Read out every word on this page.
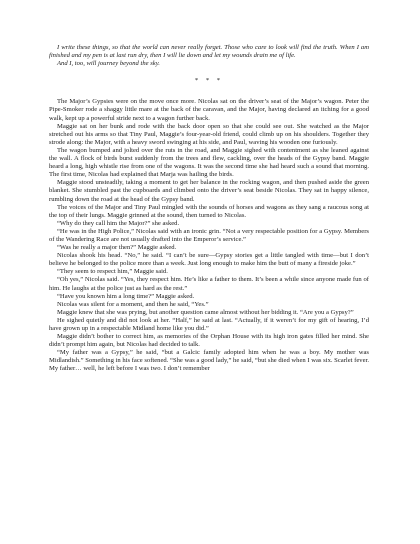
I write these things, so that the world can never really forget. Those who care to look will find the truth. When I am finished and my pen is at last run dry, then I will lie down and let my wounds drain me of life.

And I, too, will journey beyond the sky.

* * *

The Major’s Gypsies were on the move once more. Nicolas sat on the driver’s seat of the Major’s wagon. Peter the Pipe-Smoker rode a shaggy little mare at the back of the caravan, and the Major, having declared an itching for a good walk, kept up a powerful stride next to a wagon further back.

Maggie sat on her bunk and rode with the back door open so that she could see out. She watched as the Major stretched out his arms so that Tiny Paul, Maggie’s four-year-old friend, could climb up on his shoulders. Together they strode along: the Major, with a heavy sword swinging at his side, and Paul, waving his wooden one furiously.

The wagon bumped and jolted over the ruts in the road, and Maggie sighed with contentment as she leaned against the wall. A flock of birds burst suddenly from the trees and flew, cackling, over the heads of the Gypsy band. Maggie heard a long, high whistle rise from one of the wagons. It was the second time she had heard such a sound that morning. The first time, Nicolas had explained that Marja was hailing the birds.

Maggie stood unsteadily, taking a moment to get her balance in the rocking wagon, and then pushed aside the green blanket. She stumbled past the cupboards and climbed onto the driver’s seat beside Nicolas. They sat in happy silence, rumbling down the road at the head of the Gypsy band.

The voices of the Major and Tiny Paul mingled with the sounds of horses and wagons as they sang a raucous song at the top of their lungs. Maggie grinned at the sound, then turned to Nicolas.

“Why do they call him the Major?” she asked.

“He was in the High Police,” Nicolas said with an ironic grin. “Not a very respectable position for a Gypsy. Members of the Wandering Race are not usually drafted into the Emperor’s service.”

“Was he really a major then?” Maggie asked.

Nicolas shook his head. “No,” he said. “I can’t be sure—Gypsy stories get a little tangled with time—but I don’t believe he belonged to the police more than a week. Just long enough to make him the butt of many a fireside joke.”

“They seem to respect him,” Maggie said.

“Oh yes,” Nicolas said. “Yes, they respect him. He’s like a father to them. It’s been a while since anyone made fun of him. He laughs at the police just as hard as the rest.”

“Have you known him a long time?” Maggie asked.

Nicolas was silent for a moment, and then he said, “Yes.”

Maggie knew that she was prying, but another question came almost without her bidding it. “Are you a Gypsy?”

He sighed quietly and did not look at her. “Half,” he said at last. “Actually, if it weren’t for my gift of hearing, I’d have grown up in a respectable Midland home like you did.”

Maggie didn’t bother to correct him, as memories of the Orphan House with its high iron gates filled her mind. She didn’t prompt him again, but Nicolas had decided to talk.

“My father was a Gypsy,” he said, “but a Galcic family adopted him when he was a boy. My mother was Midlandish.” Something in his face softened. “She was a good lady,” he said, “but she died when I was six. Scarlet fever. My father… well, he left before I was two. I don’t remember
